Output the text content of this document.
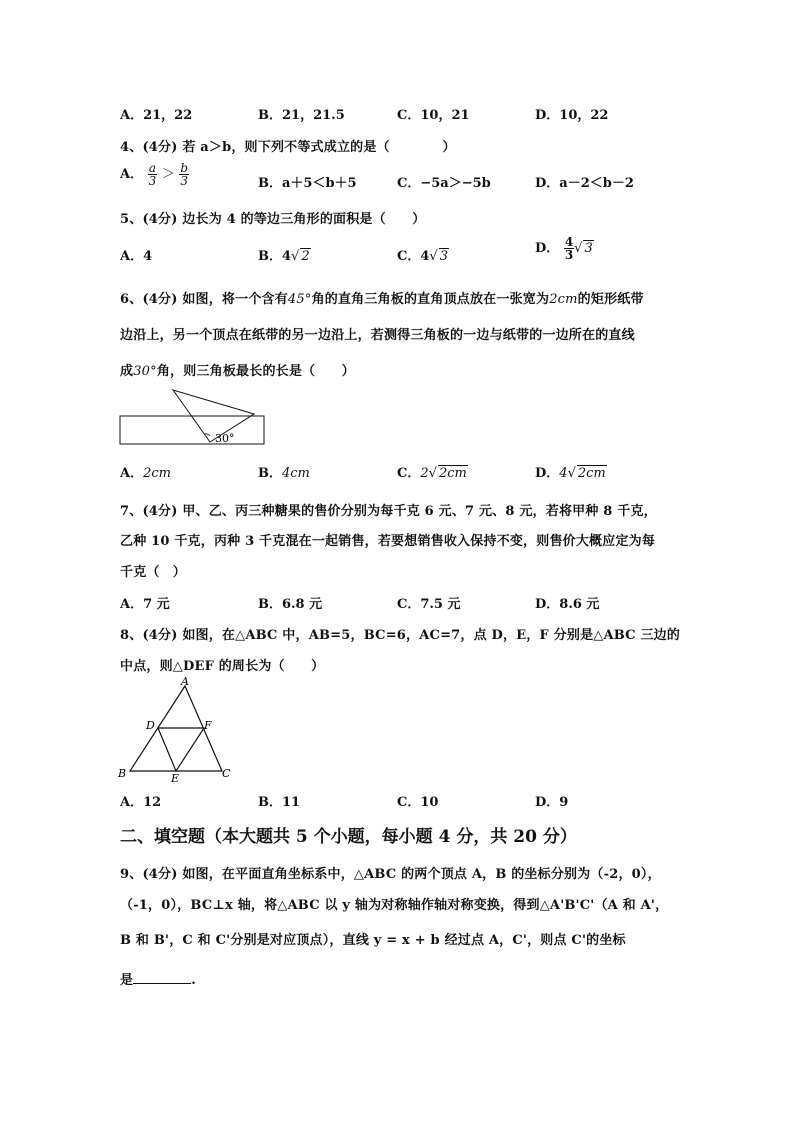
A．21，22	B．21，21.5	C．10，21	D．10，22
4、(4分) 若 a＞b，则下列不等式成立的是（　　　　）
A． $\frac{a}{3} > \frac{b}{3}$	B．a＋5＜b＋5	C．−5a＞−5b	D．a－2＜b－2
5、(4分) 边长为 4 的等边三角形的面积是（　　）
A．4	B．4√ 2	C．4√ 3
D． $\frac{4}{3}$ √ 3
6、(4分) 如图，将一个含有45°角的直角三角板的直角顶点放在一张宽为2cm的矩形纸带
边沿上，另一个顶点在纸带的另一边沿上，若测得三角板的一边与纸带的一边所在的直线
成30°角，则三角板最长的长是（　　）
30°
A．2cm	B．4cm	C．2√ 2cm	D．4√ 2cm
7、(4分) 甲、乙、丙三种糖果的售价分别为每千克 6 元、7 元、8 元，若将甲种 8 千克，
乙种 10 千克，丙种 3 千克混在一起销售，若要想销售收入保持不变，则售价大概应定为每
千克（　）
A．7 元	B．6.8 元	C．7.5 元	D．8.6 元
8、(4分) 如图，在△ABC 中，AB=5，BC=6，AC=7，点 D，E，F 分别是△ABC 三边的
中点，则△DEF 的周长为（　　）
A
B	C
D
E
F
A．12	B．11	C．10	D．9
二、填空题（本大题共 5 个小题，每小题 4 分，共 20 分）
9、(4分) 如图，在平面直角坐标系中，△ABC 的两个顶点 A，B 的坐标分别为（-2，0），
（-1，0），BC⊥x 轴，将△ABC 以 y 轴为对称轴作轴对称变换，得到△A'B'C'（A 和 A'，
B 和 B'，C 和 C'分别是对应顶点），直线 y = x + b 经过点 A，C'，则点 C'的坐标
是	.
